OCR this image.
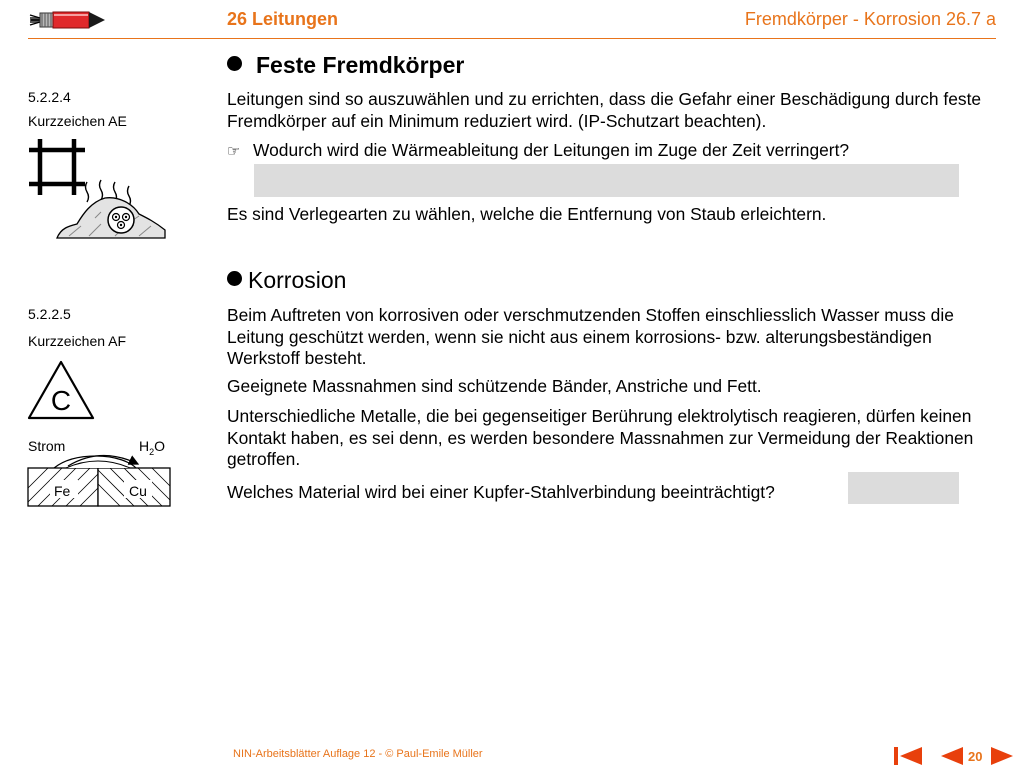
26 Leitungen	Fremdkörper - Korrosion 26.7 a
5.2.2.4
Kurzzeichen AE
5.2.2.5
Kurzzeichen AF
C
Strom	$H_2O$
Fe	Cu
Feste Fremdkörper
Leitungen sind so auszuwählen und zu errichten, dass die Gefahr einer Beschädigung durch feste Fremdkörper auf ein Minimum reduziert wird. (IP-Schutzart beachten).
☞ Wodurch wird die Wärmeableitung der Leitungen im Zuge der Zeit verringert?
Es sind Verlegearten zu wählen, welche die Entfernung von Staub erleichtern.
Korrosion
Beim Auftreten von korrosiven oder verschmutzenden Stoffen einschliesslich Wasser muss die Leitung geschützt werden, wenn sie nicht aus einem korrosions- bzw. alterungsbeständigen Werkstoff besteht.
Geeignete Massnahmen sind schützende Bänder, Anstriche und Fett.
Unterschiedliche Metalle, die bei gegenseitiger Berührung elektrolytisch reagieren, dürfen keinen Kontakt haben, es sei denn, es werden besondere Massnahmen zur Vermeidung der Reaktionen getroffen.
Welches Material wird bei einer Kupfer-Stahlverbindung beeinträchtigt?
NIN-Arbeitsblätter Auflage 12 - © Paul-Emile Müller	20
